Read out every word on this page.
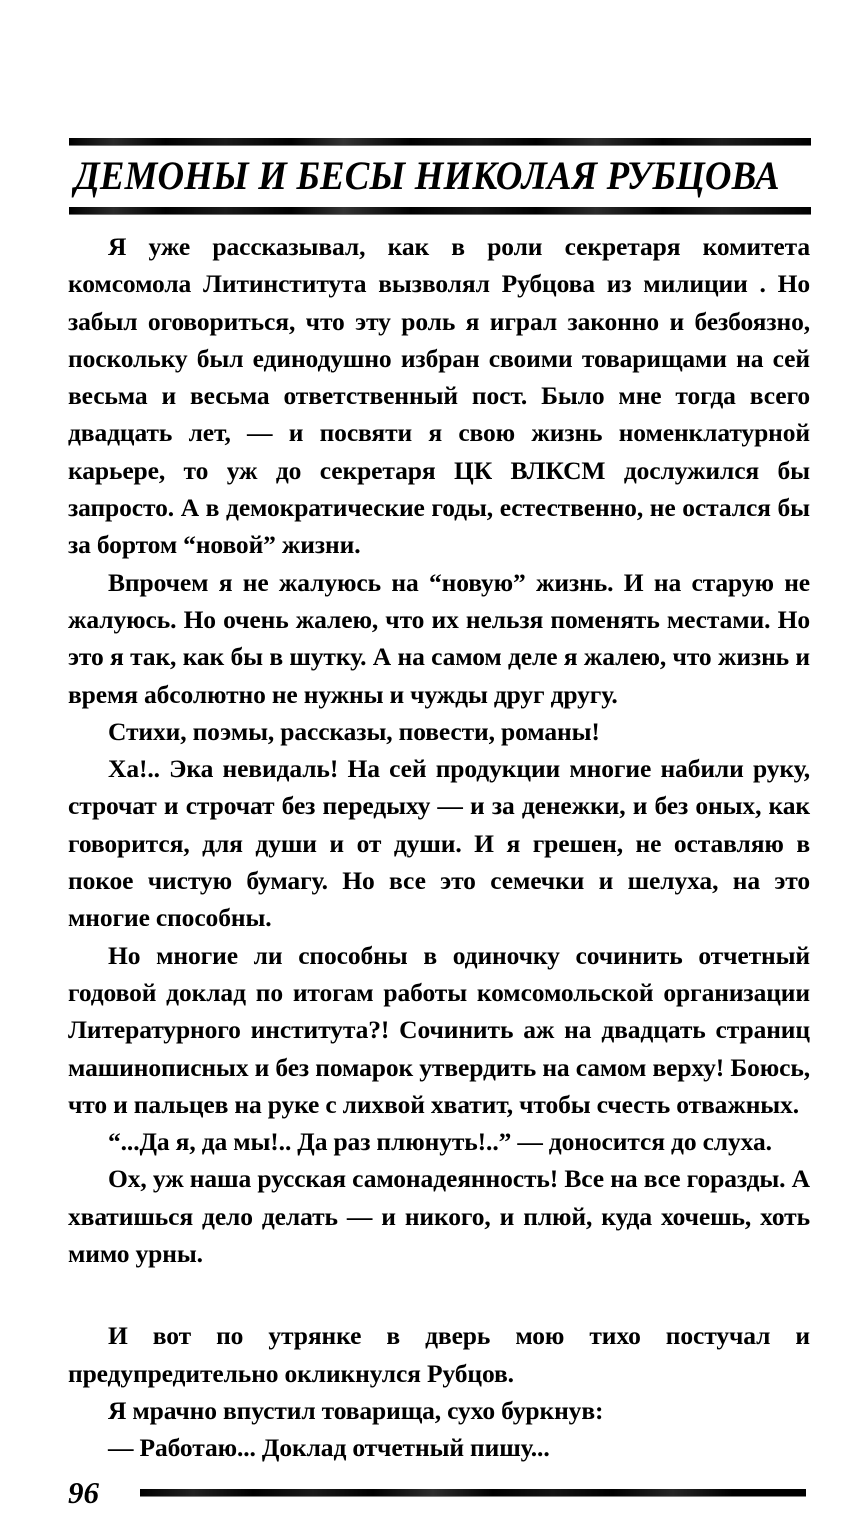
ДЕМОНЫ И БЕСЫ НИКОЛАЯ РУБЦОВА

Я уже рассказывал, как в роли секретаря комитета комсомола Литинститута вызволял Рубцова из милиции . Но забыл оговориться, что эту роль я играл законно и безбоязно, поскольку был единодушно избран своими товарищами на сей весьма и весьма ответственный пост. Было мне тогда всего двадцать лет, — и посвяти я свою жизнь номенклатурной карьере, то уж до секретаря ЦК ВЛКСМ дослужился бы запросто. А в демократические годы, естественно, не остался бы за бортом “новой” жизни.

Впрочем я не жалуюсь на “новую” жизнь. И на старую не жалуюсь. Но очень жалею, что их нельзя поменять местами. Но это я так, как бы в шутку. А на самом деле я жалею, что жизнь и время абсолютно не нужны и чужды друг другу.

Стихи, поэмы, рассказы, повести, романы!

Ха!.. Эка невидаль! На сей продукции многие набили руку, строчат и строчат без передыху — и за денежки, и без оных, как говорится, для души и от души. И я грешен, не оставляю в покое чистую бумагу. Но все это семечки и шелуха, на это многие способны.

Но многие ли способны в одиночку сочинить отчетный годовой доклад по итогам работы комсомольской организации Литературного института?! Сочинить аж на двадцать страниц машинописных и без помарок утвердить на самом верху! Боюсь, что и пальцев на руке с лихвой хватит, чтобы счесть отважных.

“...Да я, да мы!.. Да раз плюнуть!..” — доносится до слуха.

Ох, уж наша русская самонадеянность! Все на все горазды. А хватишься дело делать — и никого, и плюй, куда хочешь, хоть мимо урны.

И вот по утрянке в дверь мою тихо постучал и предупредительно окликнулся Рубцов.

Я мрачно впустил товарища, сухо буркнув:

— Работаю... Доклад отчетный пишу...

96
